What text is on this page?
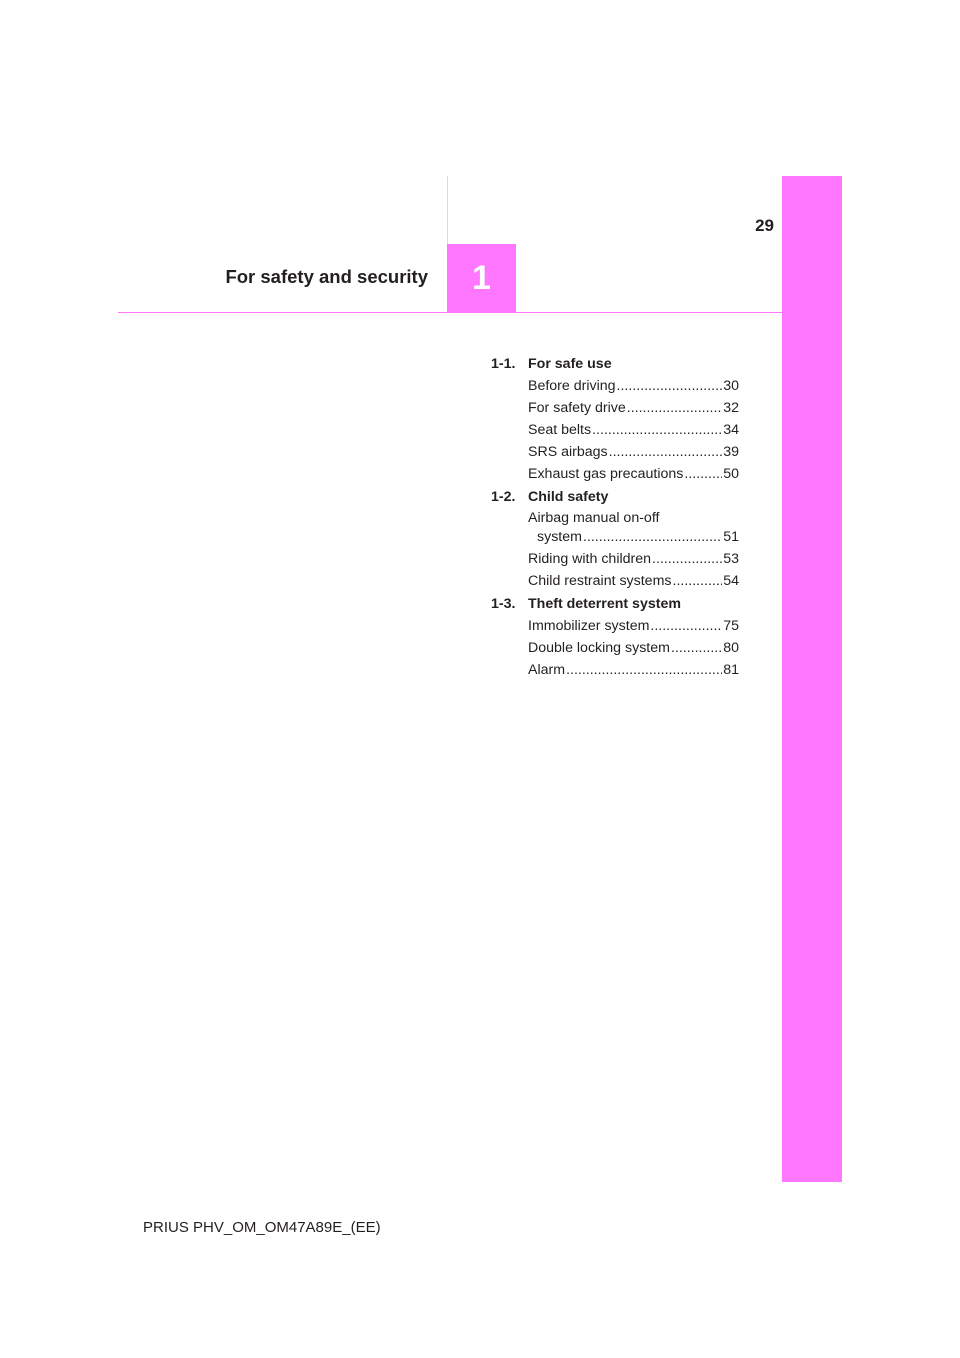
1
29
For safety and security
1-1. For safe use
Before driving .....	30
For safety drive .....	32
Seat belts .....	34
SRS airbags .....	39
Exhaust gas precautions .....	50
1-2. Child safety
Airbag manual on-off
system .....	51
Riding with children .....	53
Child restraint systems .....	54
1-3. Theft deterrent system
Immobilizer system .....	75
Double locking system .....	80
Alarm .....	81
PRIUS PHV_OM_OM47A89E_(EE)
